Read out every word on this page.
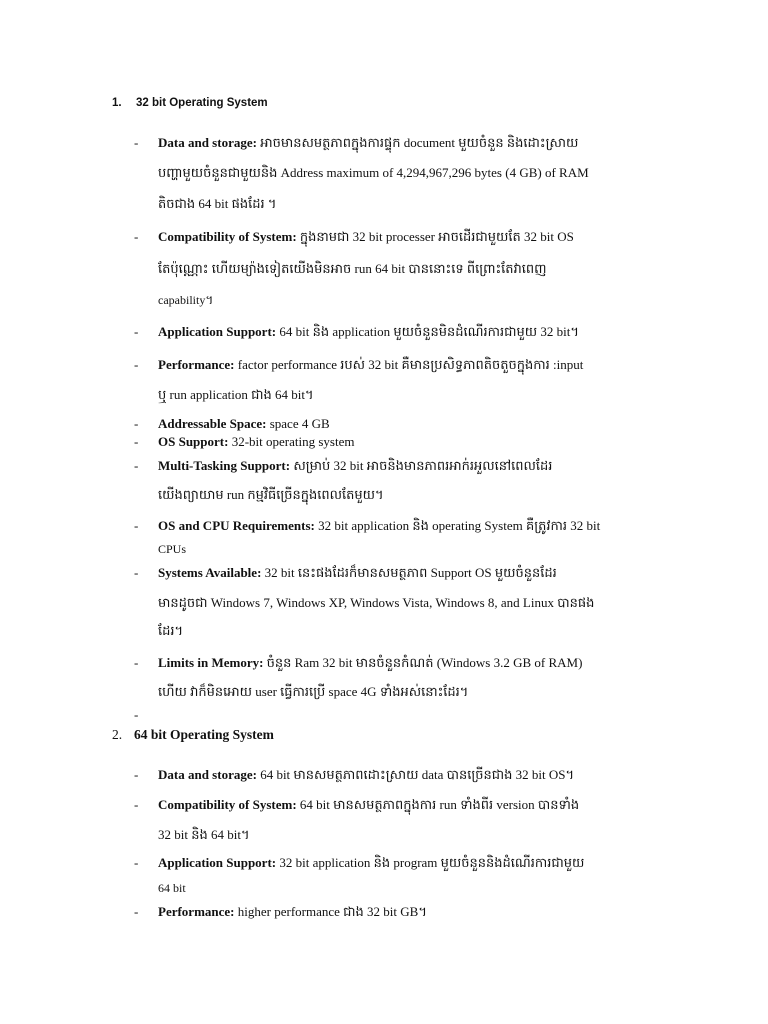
1. 32 bit Operating System
- Data and storage: អាចមានសមត្ថភាពក្នុងការផ្ទុក document មួយចំនួន និងដោះស្រាយ
បញ្ហាមួយចំនួនជាមួយនិង Address maximum of 4,294,967,296 bytes (4 GB) of RAM
តិចជាង 64 bit ផងដែរ ។
- Compatibility of System: ក្នុងនាមជា 32 bit processer អាចដើរជាមួយតែ 32 bit OS
តែប៉ុណ្ណោះ ហើយម្យ៉ាងទៀតយើងមិនអាច run 64 bit បាននោះទេ ពីព្រោះតែវាពេញ
capability។
- Application Support: 64 bit និង application មួយចំនួនមិនដំណើរការជាមួយ 32 bit។
- Performance: factor performance របស់ 32 bit គឺមានប្រសិទ្ធភាពតិចតួចក្នុងការ :input
ឬ run application ជាង 64 bit។
- Addressable Space: space 4 GB
- OS Support: 32-bit operating system
- Multi-Tasking Support: សម្រាប់ 32 bit អាចនិងមានភាពរអាក់រអួលនៅពេលដែរ
យើងព្យាយាម run កម្មវិធីច្រើនក្នុងពេលតែមួយ។
- OS and CPU Requirements: 32 bit application និង operating System គឺត្រូវការ 32 bit
CPUs
- Systems Available: 32 bit នេះផងដែរក៏មានសមត្ថភាព Support OS មួយចំនួនដែរ
មានដូចជា Windows 7, Windows XP, Windows Vista, Windows 8, and Linux បានផង
ដែរ។
- Limits in Memory: ចំនួន Ram 32 bit មានចំនួនកំណត់ (Windows 3.2 GB of RAM)
ហើយ វាក៏មិនអោយ user ធ្វើការប្រើ space 4G ទាំងអស់នោះដែរ។
-
2. 64 bit Operating System
- Data and storage: 64 bit មានសមត្ថភាពដោះស្រាយ data បានច្រើនជាង 32 bit OS។
- Compatibility of System: 64 bit មានសមត្ថភាពក្នុងការ run ទាំងពីរ version បានទាំង
32 bit និង 64 bit។
- Application Support: 32 bit application និង program មួយចំនួននិងដំណើរការជាមួយ
64 bit
- Performance: higher performance ជាង 32 bit GB។
